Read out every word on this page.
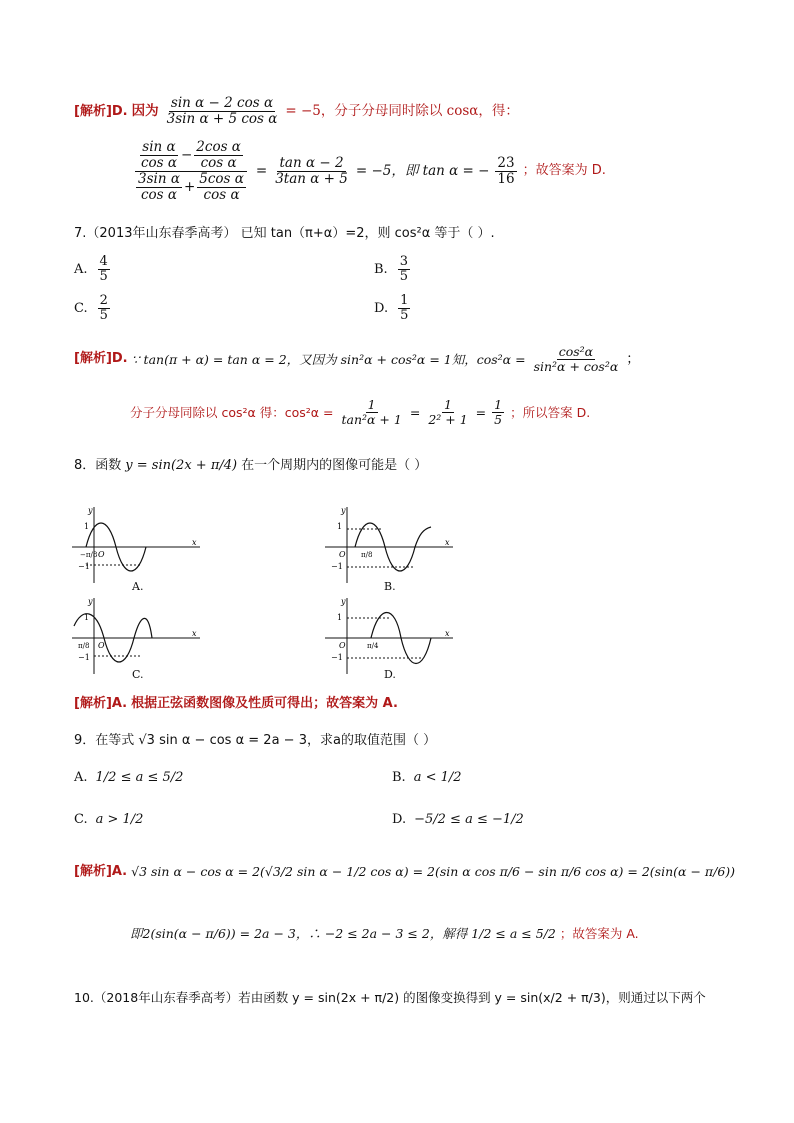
[解析]D. 因为 $\frac{\text{sin α − 2 cos α}}{\text{3sin α + 5 cos α}} = -5$，分子分母同时除以 cosα，得：
$\frac{\frac{\text{sin α}}{\text{cos α}} - \frac{\text{2cos α}}{\text{cos α}}}{\frac{\text{3sin α}}{\text{cos α}} + \frac{\text{5cos α}}{\text{cos α}}} = \frac{\text{tan α − 2}}{\text{3tan α + 5}} = -5$，即 tan α = − $\frac{23}{16}$ ；故答案为 D.
7.（2013年山东春季高考） 已知 tan（π+α）=2，则 cos²α 等于（ ）.
A. $\frac{4}{5}$	B. $\frac{3}{5}$
C. $\frac{2}{5}$	D. $\frac{1}{5}$
[解析]D. ∵ tan(π + α) = tan α = 2，又因为 sin²α + cos²α = 1知，$\cos^2\alpha = \frac{\text{cos²α}}{\text{sin²α + cos²α}}$ ；
分子分母同除以 cos²α 得：$\cos^2\alpha = \frac{1}{\text{tan²α + 1}} = \frac{1}{\text{2² + 1}} = \frac{1}{5}$ ；所以答案 D.
8．函数 y = sin(2x + π/4) 在一个周期内的图像可能是（ ）
x
y
1
−1
O
−π/8
A.
x
y
1
−1
O π/8
B.
x
y
1
−1
O
π/8
C.
x
y
1
−1
O	π/4
D.
[解析]A. 根据正弦函数图像及性质可得出；故答案为 A.
9．在等式 √3 sin α − cos α = 2a − 3，求a的取值范围（ ）
A. 1/2 ≤ a ≤ 5/2	B. a < 1/2
C. a > 1/2	D. −5/2 ≤ a ≤ −1/2
[解析]A. √3 sin α − cos α = 2(√3/2 sin α − 1/2 cos α) = 2(sin α cos π/6 − sin π/6 cos α) = 2(sin(α − π/6))
即2(sin(α − π/6)) = 2a − 3，∴ −2 ≤ 2a − 3 ≤ 2，解得 1/2 ≤ a ≤ 5/2 ；故答案为 A.
10.（2018年山东春季高考）若由函数 y = sin(2x + π/2) 的图像变换得到 y = sin(x/2 + π/3)，则通过以下两个
